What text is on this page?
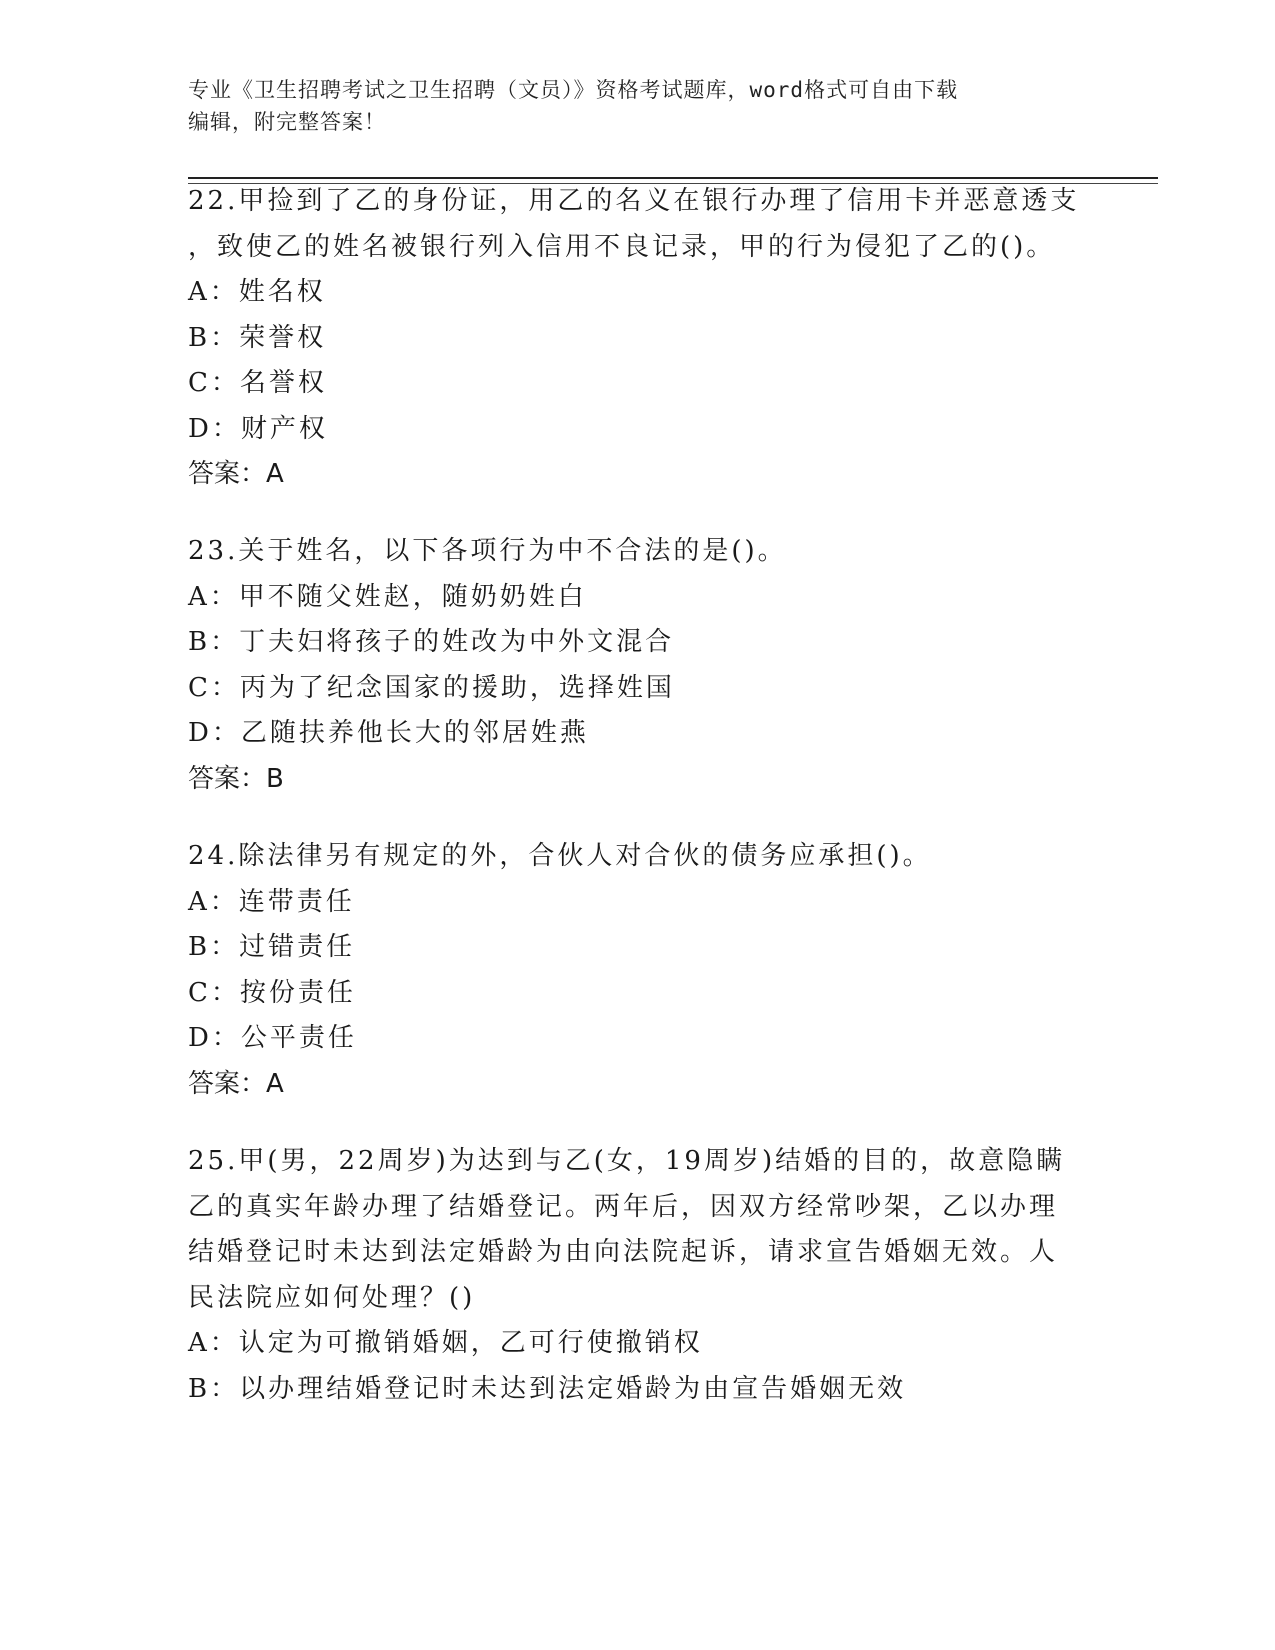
专业《卫生招聘考试之卫生招聘（文员）》资格考试题库，word格式可自由下载
编辑，附完整答案！
22.甲捡到了乙的身份证，用乙的名义在银行办理了信用卡并恶意透支
，致使乙的姓名被银行列入信用不良记录，甲的行为侵犯了乙的()。
A：姓名权
B：荣誉权
C：名誉权
D：财产权
答案：A
23.关于姓名，以下各项行为中不合法的是()。
A：甲不随父姓赵，随奶奶姓白
B：丁夫妇将孩子的姓改为中外文混合
C：丙为了纪念国家的援助，选择姓国
D：乙随扶养他长大的邻居姓燕
答案：B
24.除法律另有规定的外，合伙人对合伙的债务应承担()。
A：连带责任
B：过错责任
C：按份责任
D：公平责任
答案：A
25.甲(男，22周岁)为达到与乙(女，19周岁)结婚的目的，故意隐瞒
乙的真实年龄办理了结婚登记。两年后，因双方经常吵架，乙以办理
结婚登记时未达到法定婚龄为由向法院起诉，请求宣告婚姻无效。人
民法院应如何处理？()
A：认定为可撤销婚姻，乙可行使撤销权
B：以办理结婚登记时未达到法定婚龄为由宣告婚姻无效
